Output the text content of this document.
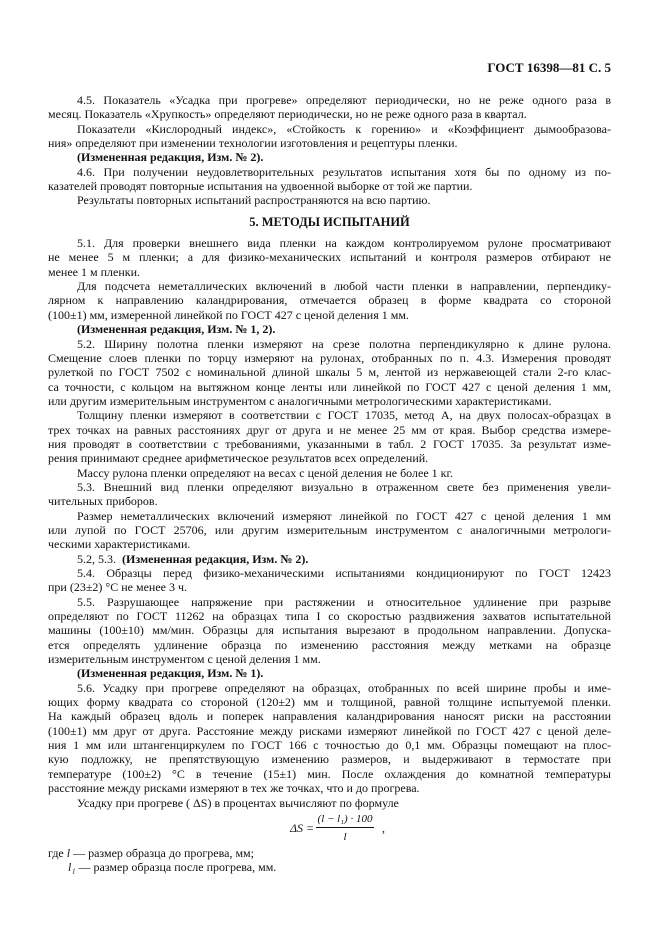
ГОСТ 16398—81 С. 5
4.5. Показатель «Усадка при прогреве» определяют периодически, но не реже одного раза в
месяц. Показатель «Хрупкость» определяют периодически, но не реже одного раза в квартал.
Показатели «Кислородный индекс», «Стойкость к горению» и «Коэффициент дымообразова-
ния» определяют при изменении технологии изготовления и рецептуры пленки.
(Измененная редакция, Изм. № 2).
4.6. При получении неудовлетворительных результатов испытания хотя бы по одному из по-
казателей проводят повторные испытания на удвоенной выборке от той же партии.
Результаты повторных испытаний распространяются на всю партию.
5. МЕТОДЫ ИСПЫТАНИЙ
5.1. Для проверки внешнего вида пленки на каждом контролируемом рулоне просматривают
не менее 5 м пленки; а для физико-механических испытаний и контроля размеров отбирают не
менее 1 м пленки.
Для подсчета неметаллических включений в любой части пленки в направлении, перпендику-
лярном к направлению каландрирования, отмечается образец в форме квадрата со стороной
(100±1) мм, измеренной линейкой по ГОСТ 427 с ценой деления 1 мм.
(Измененная редакция, Изм. № 1, 2).
5.2. Ширину полотна пленки измеряют на срезе полотна перпендикулярно к длине рулона.
Смещение слоев пленки по торцу измеряют на рулонах, отобранных по п. 4.3. Измерения проводят
рулеткой по ГОСТ 7502 с номинальной длиной шкалы 5 м, лентой из нержавеющей стали 2-го клас-
са точности, с кольцом на вытяжном конце ленты или линейкой по ГОСТ 427 с ценой деления 1 мм,
или другим измерительным инструментом с аналогичными метрологическими характеристиками.
Толщину пленки измеряют в соответствии с ГОСТ 17035, метод А, на двух полосах-образцах в
трех точках на равных расстояниях друг от друга и не менее 25 мм от края. Выбор средства измере-
ния проводят в соответствии с требованиями, указанными в табл. 2 ГОСТ 17035. За результат изме-
рения принимают среднее арифметическое результатов всех определений.
Массу рулона пленки определяют на весах с ценой деления не более 1 кг.
5.3. Внешний вид пленки определяют визуально в отраженном свете без применения увели-
чительных приборов.
Размер неметаллических включений измеряют линейкой по ГОСТ 427 с ценой деления 1 мм
или лупой по ГОСТ 25706, или другим измерительным инструментом с аналогичными метрологи-
ческими характеристиками.
5.2, 5.3. (Измененная редакция, Изм. № 2).
5.4. Образцы перед физико-механическими испытаниями кондиционируют по ГОСТ 12423
при (23±2) °С не менее 3 ч.
5.5. Разрушающее напряжение при растяжении и относительное удлинение при разрыве
определяют по ГОСТ 11262 на образцах типа I со скоростью раздвижения захватов испытательной
машины (100±10) мм/мин. Образцы для испытания вырезают в продольном направлении. Допуска-
ется определять удлинение образца по изменению расстояния между метками на образце
измерительным инструментом с ценой деления 1 мм.
(Измененная редакция, Изм. № 1).
5.6. Усадку при прогреве определяют на образцах, отобранных по всей ширине пробы и име-
ющих форму квадрата со стороной (120±2) мм и толщиной, равной толщине испытуемой пленки.
На каждый образец вдоль и поперек направления каландрирования наносят риски на расстоянии
(100±1) мм друг от друга. Расстояние между рисками измеряют линейкой по ГОСТ 427 с ценой деле-
ния 1 мм или штангенциркулем по ГОСТ 166 с точностью до 0,1 мм. Образцы помещают на плос-
кую подложку, не препятствующую изменению размеров, и выдерживают в термостате при
температуре (100±2) °С в течение (15±1) мин. После охлаждения до комнатной температуры
расстояние между рисками измеряют в тех же точках, что и до прогрева.
Усадку при прогреве ( ΔS) в процентах вычисляют по формуле
$\Delta S = \frac{\text{(l − l₁) · 100}}{l}$ ,
где l — размер образца до прогрева, мм;
l₁ — размер образца после прогрева, мм.
